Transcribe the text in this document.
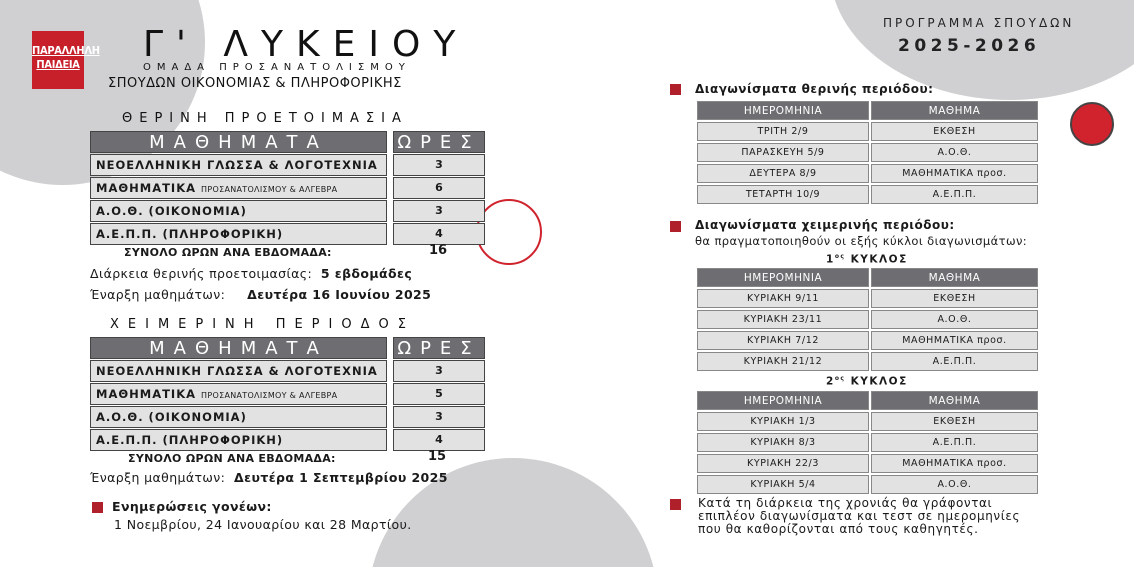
ΠΑΡΑΛΛΗΛΗ
ΠΑΙΔΕΙΑ Γ' ΛΥΚΕΙΟΥ
ΟΜΑΔΑ ΠΡΟΣΑΝΑΤΟΛΙΣΜΟΥ
ΣΠΟΥΔΩΝ ΟΙΚΟΝΟΜΙΑΣ & ΠΛΗΡΟΦΟΡΙΚΗΣ
ΠΡΟΓΡΑΜΜΑ ΣΠΟΥΔΩΝ
2025-2026
ΘΕΡΙΝΗ ΠΡΟΕΤΟΙΜΑΣΙΑ
ΜΑΘΗΜΑΤΑ	ΩΡΕΣ
ΝΕΟΕΛΛΗΝΙΚΗ ΓΛΩΣΣΑ & ΛΟΓΟΤΕΧΝΙΑ	3
ΜΑΘΗΜΑΤΙΚΑ ΠΡΟΣΑΝΑΤΟΛΙΣΜΟΥ & ΑΛΓΕΒΡΑ	6
Α.Ο.Θ. (ΟΙΚΟΝΟΜΙΑ)	3
Α.Ε.Π.Π. (ΠΛΗΡΟΦΟΡΙΚΗ)	4
ΣΥΝΟΛΟ ΩΡΩΝ ΑΝΑ ΕΒΔΟΜΑΔΑ:	16
Διάρκεια θερινής προετοιμασίας: 5 εβδομάδες
Έναρξη μαθημάτων: Δευτέρα 16 Ιουνίου 2025
ΧΕΙΜΕΡΙΝΗ ΠΕΡΙΟΔΟΣ
ΜΑΘΗΜΑΤΑ	ΩΡΕΣ
ΝΕΟΕΛΛΗΝΙΚΗ ΓΛΩΣΣΑ & ΛΟΓΟΤΕΧΝΙΑ	3
ΜΑΘΗΜΑΤΙΚΑ ΠΡΟΣΑΝΑΤΟΛΙΣΜΟΥ & ΑΛΓΕΒΡΑ	5
Α.Ο.Θ. (ΟΙΚΟΝΟΜΙΑ)	3
Α.Ε.Π.Π. (ΠΛΗΡΟΦΟΡΙΚΗ)	4
ΣΥΝΟΛΟ ΩΡΩΝ ΑΝΑ ΕΒΔΟΜΑΔΑ:	15
Έναρξη μαθημάτων: Δευτέρα 1 Σεπτεμβρίου 2025
Ενημερώσεις γονέων:
1 Νοεμβρίου, 24 Ιανουαρίου και 28 Μαρτίου.
Διαγωνίσματα θερινής περιόδου:
ΗΜΕΡΟΜΗΝΙΑ	ΜΑΘΗΜΑ
ΤΡΙΤΗ 2/9	ΕΚΘΕΣΗ
ΠΑΡΑΣΚΕΥΗ 5/9	Α.Ο.Θ.
ΔΕΥΤΕΡΑ 8/9	ΜΑΘΗΜΑΤΙΚΑ προσ.
ΤΕΤΑΡΤΗ 10/9	Α.Ε.Π.Π.
Διαγωνίσματα χειμερινής περιόδου:
θα πραγματοποιηθούν οι εξής κύκλοι διαγωνισμάτων:
$1^{o\varsigma}$ ΚΥΚΛΟΣ
ΗΜΕΡΟΜΗΝΙΑ	ΜΑΘΗΜΑ
ΚΥΡΙΑΚΗ 9/11	ΕΚΘΕΣΗ
ΚΥΡΙΑΚΗ 23/11	Α.Ο.Θ.
ΚΥΡΙΑΚΗ 7/12	ΜΑΘΗΜΑΤΙΚΑ προσ.
ΚΥΡΙΑΚΗ 21/12	Α.Ε.Π.Π.
$2^{o\varsigma}$ ΚΥΚΛΟΣ
ΗΜΕΡΟΜΗΝΙΑ	ΜΑΘΗΜΑ
ΚΥΡΙΑΚΗ 1/3	ΕΚΘΕΣΗ
ΚΥΡΙΑΚΗ 8/3	Α.Ε.Π.Π.
ΚΥΡΙΑΚΗ 22/3	ΜΑΘΗΜΑΤΙΚΑ προσ.
ΚΥΡΙΑΚΗ 5/4	Α.Ο.Θ.
Κατά τη διάρκεια της χρονιάς θα γράφονται
επιπλέον διαγωνίσματα και τεστ σε ημερομηνίες
που θα καθορίζονται από τους καθηγητές.
